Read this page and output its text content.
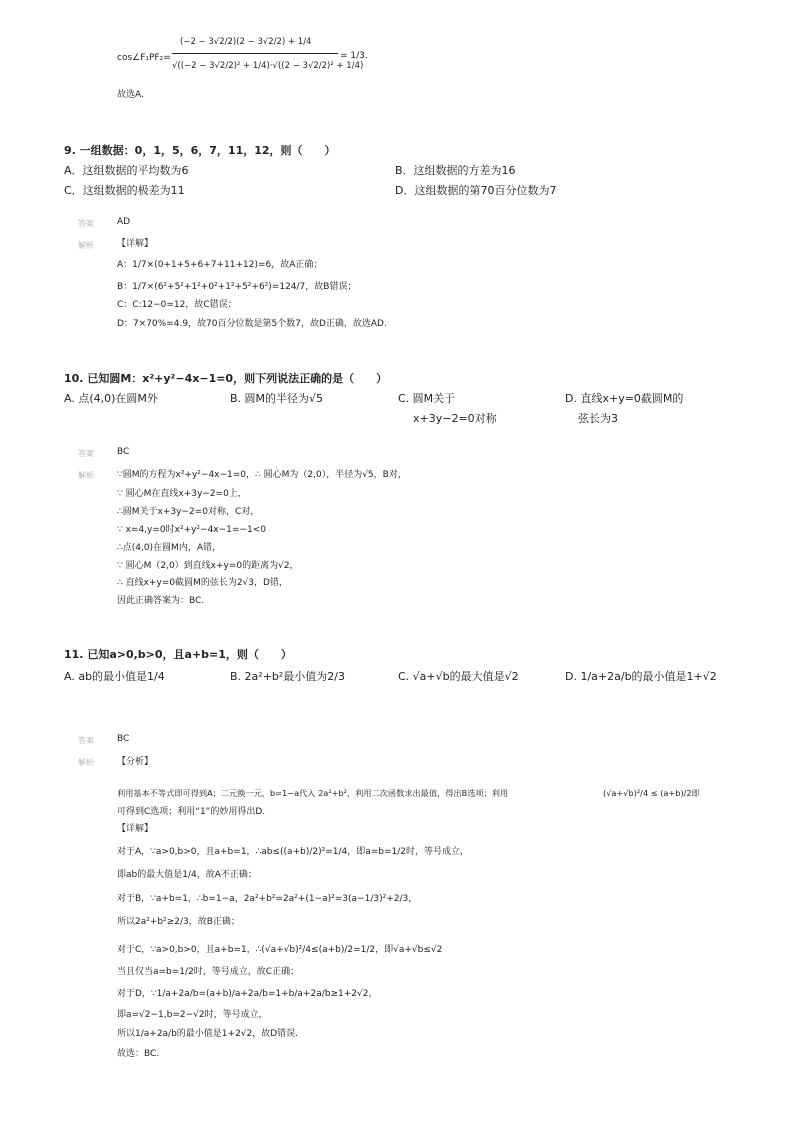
cos∠F₁PF₂=
(−2 − 3√2/2)(2 − 3√2/2) + 1/4
√((−2 − 3√2/2)² + 1/4)·√((2 − 3√2/2)² + 1/4)
= 1/3.
故选A.
9. 一组数据：0，1，5，6，7，11，12，则（　　）
A．这组数据的平均数为6	B．这组数据的方差为16
C．这组数据的极差为11	D．这组数据的第70百分位数为7
答案	AD
解析	【详解】
A：1/7×(0+1+5+6+7+11+12)=6，故A正确；
B：1/7×(6²+5²+1²+0²+1²+5²+6²)=124/7，故B错误；
C：C:12−0=12，故C错误；
D：7×70%=4.9，故70百分位数是第5个数7，故D正确，故选AD.
10. 已知圆M：x²+y²−4x−1=0，则下列说法正确的是（　　）
A. 点(4,0)在圆M外	B. 圆M的半径为√5	C. 圆M关于
x+3y−2=0对称
D. 直线x+y=0截圆M的
弦长为3
答案	BC
解析	∵圆M的方程为x²+y²−4x−1=0，∴ 圆心M为（2,0），半径为√5，B对，
∵ 圆心M在直线x+3y−2=0上，
∴圆M关于x+3y−2=0对称，C对，
∵ x=4,y=0时x²+y²−4x−1=−1<0
∴点(4,0)在圆M内，A错，
∵ 圆心M（2,0）到直线x+y=0的距离为√2，
∴ 直线x+y=0截圆M的弦长为2√3，D错，
因此正确答案为：BC.
11. 已知a>0,b>0，且a+b=1，则（　　）
A. ab的最小值是1/4	B. 2a²+b²最小值为2/3	C. √a+√b的最大值是√2	D. 1/a+2a/b的最小值是1+√2
答案	BC
解析	【分析】
利用基本不等式即可得到A；二元换一元，b=1−a代入 2a²+b²，利用二次函数求出最值，得出B选项；利用	(√a+√b)²/4 ≤ (a+b)/2即
可得到C选项；利用“1”的妙用得出D.
【详解】
对于A，∵a>0,b>0，且a+b=1，∴ab≤((a+b)/2)²=1/4，即a=b=1/2时，等号成立，
即ab的最大值是1/4，故A不正确；
对于B，∵a+b=1，∴b=1−a，2a²+b²=2a²+(1−a)²=3(a−1/3)²+2/3，
所以2a²+b²≥2/3，故B正确；
对于C，∵a>0,b>0，且a+b=1，∴(√a+√b)²/4≤(a+b)/2=1/2，即√a+√b≤√2
当且仅当a=b=1/2时，等号成立，故C正确；
对于D，∵1/a+2a/b=(a+b)/a+2a/b=1+b/a+2a/b≥1+2√2，
即a=√2−1,b=2−√2时，等号成立，
所以1/a+2a/b的最小值是1+2√2，故D错误.
故选：BC.
